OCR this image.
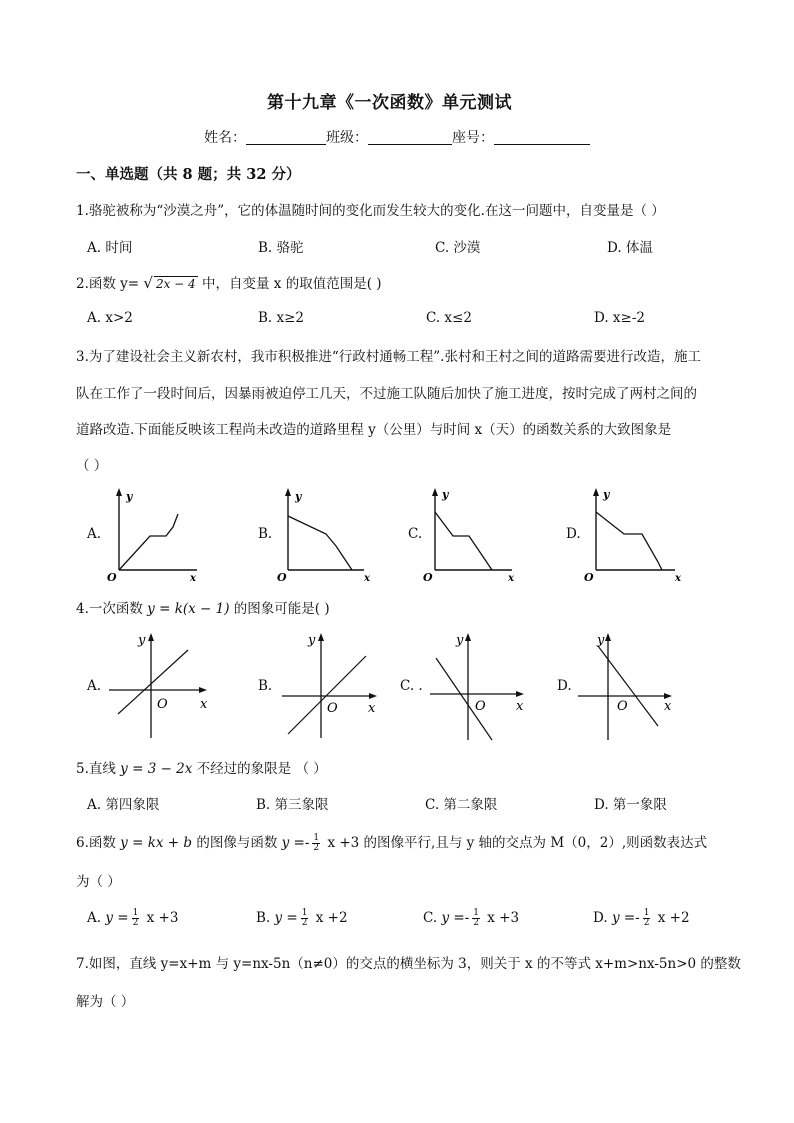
第十九章《一次函数》单元测试
姓名：	班级：	座号：
一、单选题（共 8 题；共 32 分）
1.骆驼被称为“沙漠之舟”，它的体温随时间的变化而发生较大的变化.在这一问题中，自变量是（ ）
A. 时间	B. 骆驼	C. 沙漠	D. 体温
2.函数 y= √ 2x − 4 中，自变量 x 的取值范围是( )
A. x>2	B. x≥2	C. x≤2	D. x≥-2
3.为了建设社会主义新农村，我市积极推进“行政村通畅工程”.张村和王村之间的道路需要进行改造，施工
队在工作了一段时间后，因暴雨被迫停工几天，不过施工队随后加快了施工进度，按时完成了两村之间的
道路改造.下面能反映该工程尚未改造的道路里程 y（公里）与时间 x（天）的函数关系的大致图象是
（ ）
A.	B.	C.	D.
y
O	x
y
O	x
y
O	x
y
O	x
4.一次函数 y = k(x − 1) 的图象可能是( )
A.	B.	C. .	D.
y
O x
y
O x
y
O x
y
O	x
5.直线 y = 3 − 2x 不经过的象限是 （ ）
A. 第四象限	B. 第三象限	C. 第二象限	D. 第一象限
6.函数 y = kx + b 的图像与函数 $y =- \frac{1}{2}$ x +3 的图像平行,且与 y 轴的交点为 M（0，2）,则函数表达式
为（ ）
A. $y = \frac{1}{2}$ x +3	B. $y = \frac{1}{2}$ x +2	C. $y =- \frac{1}{2}$ x +3	D. $y =- \frac{1}{2}$ x +2
7.如图，直线 y=x+m 与 y=nx-5n（n≠0）的交点的横坐标为 3，则关于 x 的不等式 x+m>nx-5n>0 的整数
解为（ ）
